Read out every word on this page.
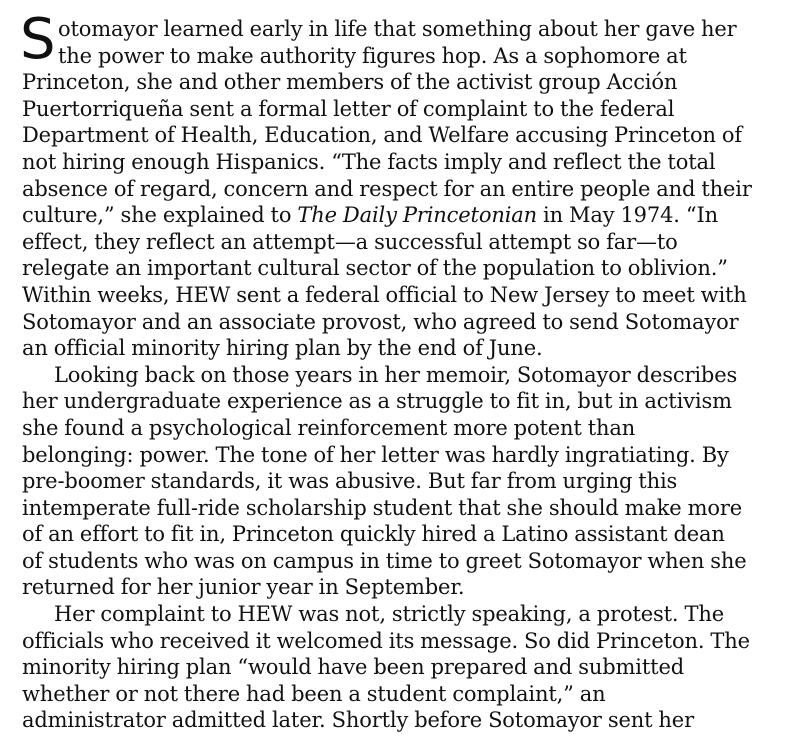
S otomayor learned early in life that something about her gave her
the power to make authority figures hop. As a sophomore at
Princeton, she and other members of the activist group Acción
Puertorriqueña sent a formal letter of complaint to the federal
Department of Health, Education, and Welfare accusing Princeton of
not hiring enough Hispanics. “The facts imply and reflect the total
absence of regard, concern and respect for an entire people and their
culture,” she explained to The Daily Princetonian in May 1974. “In
effect, they reflect an attempt—a successful attempt so far—to
relegate an important cultural sector of the population to oblivion.”
Within weeks, HEW sent a federal official to New Jersey to meet with
Sotomayor and an associate provost, who agreed to send Sotomayor
an official minority hiring plan by the end of June.
Looking back on those years in her memoir, Sotomayor describes
her undergraduate experience as a struggle to fit in, but in activism
she found a psychological reinforcement more potent than
belonging: power. The tone of her letter was hardly ingratiating. By
pre-boomer standards, it was abusive. But far from urging this
intemperate full-ride scholarship student that she should make more
of an effort to fit in, Princeton quickly hired a Latino assistant dean
of students who was on campus in time to greet Sotomayor when she
returned for her junior year in September.
Her complaint to HEW was not, strictly speaking, a protest. The
officials who received it welcomed its message. So did Princeton. The
minority hiring plan “would have been prepared and submitted
whether or not there had been a student complaint,” an
administrator admitted later. Shortly before Sotomayor sent her
